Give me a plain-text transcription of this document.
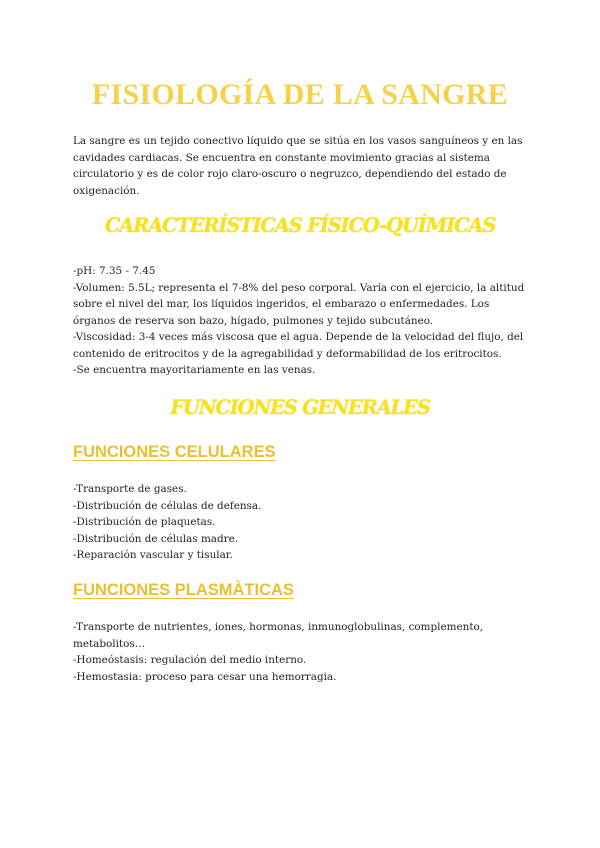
FISIOLOGÍA DE LA SANGRE

La sangre es un tejido conectivo líquido que se sitúa en los vasos sanguíneos y en las cavidades cardiacas. Se encuentra en constante movimiento gracias al sistema circulatorio y es de color rojo claro-oscuro o negruzco, dependiendo del estado de oxigenación.

CARACTERÍSTICAS FÍSICO-QUÍMICAS
-pH: 7.35 - 7.45
-Volumen: 5.5L; representa el 7-8% del peso corporal. Varía con el ejercicio, la altitud sobre el nivel del mar, los líquidos ingeridos, el embarazo o enfermedades. Los órganos de reserva son bazo, hígado, pulmones y tejido subcutáneo.
-Viscosidad: 3-4 veces más viscosa que el agua. Depende de la velocidad del flujo, del contenido de eritrocitos y de la agregabilidad y deformabilidad de los eritrocitos.
-Se encuentra mayoritariamente en las venas.
FUNCIONES GENERALES
FUNCIONES CELULARES
-Transporte de gases.
-Distribución de células de defensa.
-Distribución de plaquetas.
-Distribución de células madre.
-Reparación vascular y tisular.
FUNCIONES PLASMÀTICAS
-Transporte de nutrientes, iones, hormonas, inmunoglobulinas, complemento, metabolitos…
-Homeóstasis: regulación del medio interno.
-Hemostasia: proceso para cesar una hemorragia.
